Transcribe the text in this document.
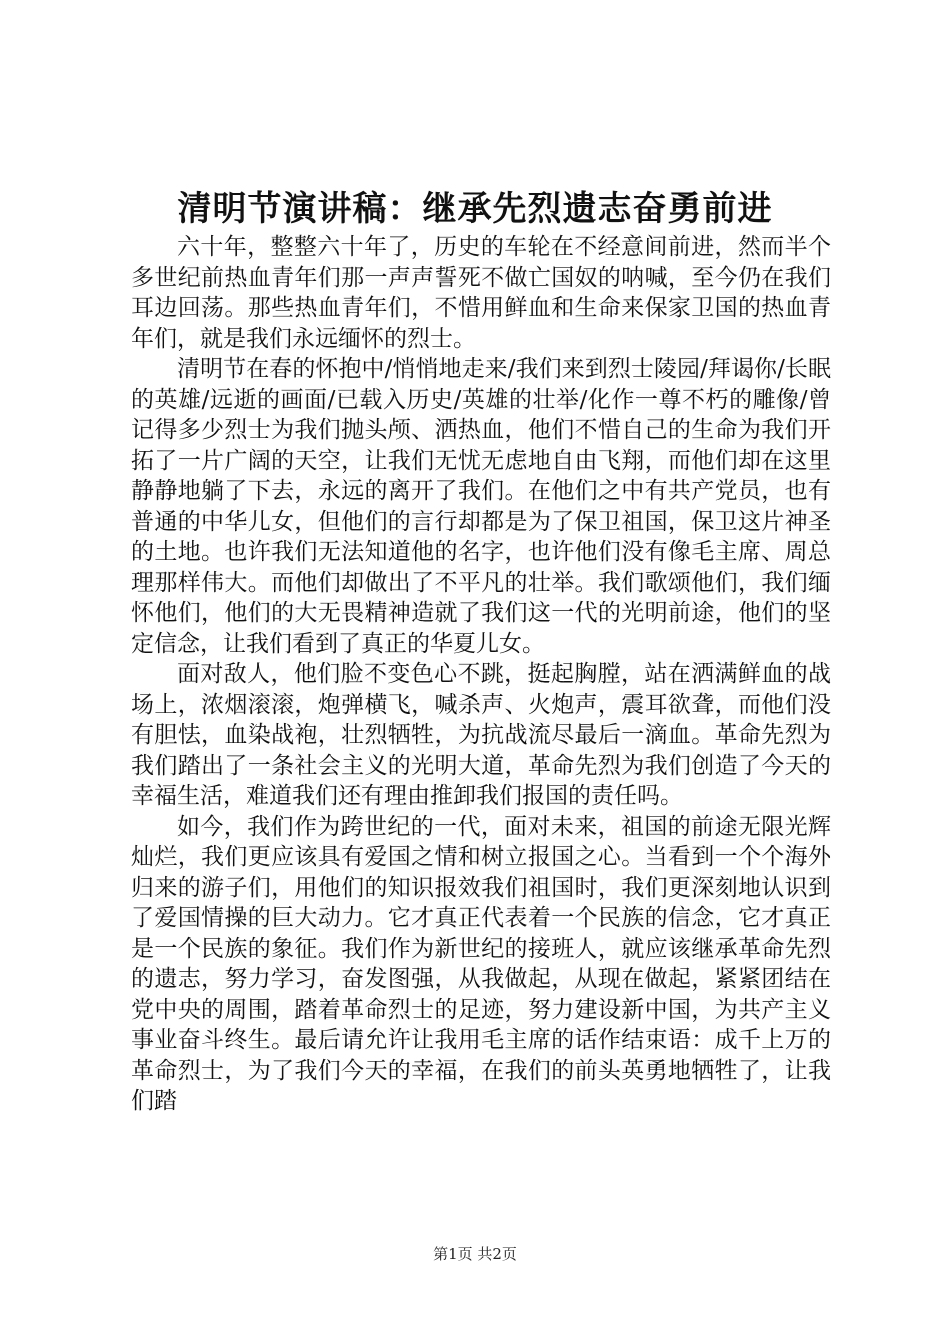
清明节演讲稿：继承先烈遗志奋勇前进

六十年，整整六十年了，历史的车轮在不经意间前进，然而半个多世纪前热血青年们那一声声誓死不做亡国奴的呐喊，至今仍在我们耳边回荡。那些热血青年们，不惜用鲜血和生命来保家卫国的热血青年们，就是我们永远缅怀的烈士。

清明节在春的怀抱中/悄悄地走来/我们来到烈士陵园/拜谒你/长眠的英雄/远逝的画面/已载入历史/英雄的壮举/化作一尊不朽的雕像/曾记得多少烈士为我们抛头颅、洒热血，他们不惜自己的生命为我们开拓了一片广阔的天空，让我们无忧无虑地自由飞翔，而他们却在这里静静地躺了下去，永远的离开了我们。在他们之中有共产党员，也有普通的中华儿女，但他们的言行却都是为了保卫祖国，保卫这片神圣的土地。也许我们无法知道他的名字，也许他们没有像毛主席、周总理那样伟大。而他们却做出了不平凡的壮举。我们歌颂他们，我们缅怀他们，他们的大无畏精神造就了我们这一代的光明前途，他们的坚定信念，让我们看到了真正的华夏儿女。

面对敌人，他们脸不变色心不跳，挺起胸膛，站在洒满鲜血的战场上，浓烟滚滚，炮弹横飞，喊杀声、火炮声，震耳欲聋，而他们没有胆怯，血染战袍，壮烈牺牲，为抗战流尽最后一滴血。革命先烈为我们踏出了一条社会主义的光明大道，革命先烈为我们创造了今天的幸福生活，难道我们还有理由推卸我们报国的责任吗。

如今，我们作为跨世纪的一代，面对未来，祖国的前途无限光辉灿烂，我们更应该具有爱国之情和树立报国之心。当看到一个个海外归来的游子们，用他们的知识报效我们祖国时，我们更深刻地认识到了爱国情操的巨大动力。它才真正代表着一个民族的信念，它才真正是一个民族的象征。我们作为新世纪的接班人，就应该继承革命先烈的遗志，努力学习，奋发图强，从我做起，从现在做起，紧紧团结在党中央的周围，踏着革命烈士的足迹，努力建设新中国，为共产主义事业奋斗终生。最后请允许让我用毛主席的话作结束语：成千上万的革命烈士，为了我们今天的幸福，在我们的前头英勇地牺牲了，让我们踏

第1页 共2页
